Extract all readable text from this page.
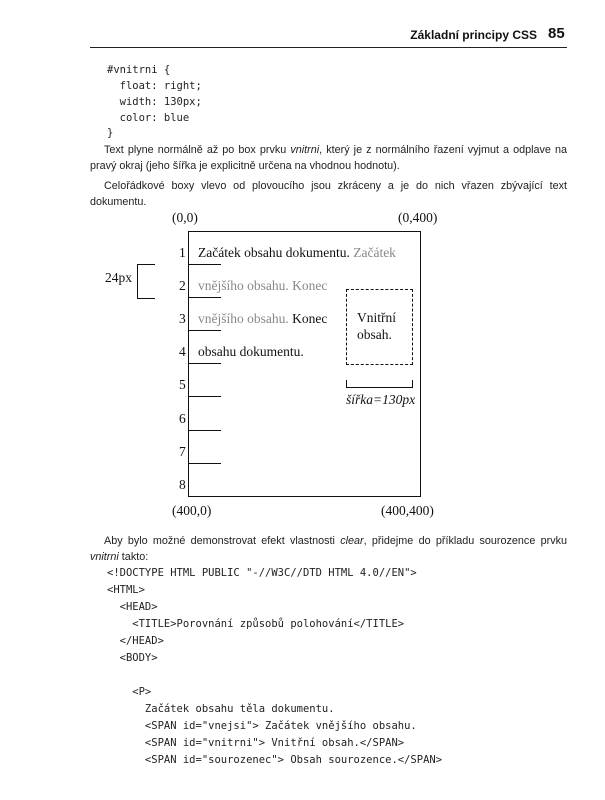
Základní principy CSS 85
#vnitrni {
float: right;
width: 130px;
color: blue
}

Text plyne normálně až po box prvku vnitrni, který je z normálního řazení vyjmut a odplave na pravý okraj (jeho šířka je explicitně určena na vhodnou hodnotu).

Celořádkové boxy vlevo od plovoucího jsou zkráceny a je do nich vřazen zbývající text dokumentu.

(0,0)	(0,400)
(400,0)	(400,400)
24px
1
2
3
4
5
6
7
8
Začátek obsahu dokumentu. Začátek
vnějšího obsahu. Konec
vnějšího obsahu. Konec
obsahu dokumentu.
Vnitřní
obsah.
šířka=130px

Aby bylo možné demonstrovat efekt vlastnosti clear, přidejme do příkladu sourozence prvku vnitrni takto:

<!DOCTYPE HTML PUBLIC "-//W3C//DTD HTML 4.0//EN">
<HTML>
<HEAD>
<TITLE>Porovnání způsobů polohování</TITLE>
</HEAD>
<BODY>
<P>
Začátek obsahu těla dokumentu.
<SPAN id="vnejsi"> Začátek vnějšího obsahu.
<SPAN id="vnitrni"> Vnitřní obsah.</SPAN>
<SPAN id="sourozenec"> Obsah sourozence.</SPAN>
